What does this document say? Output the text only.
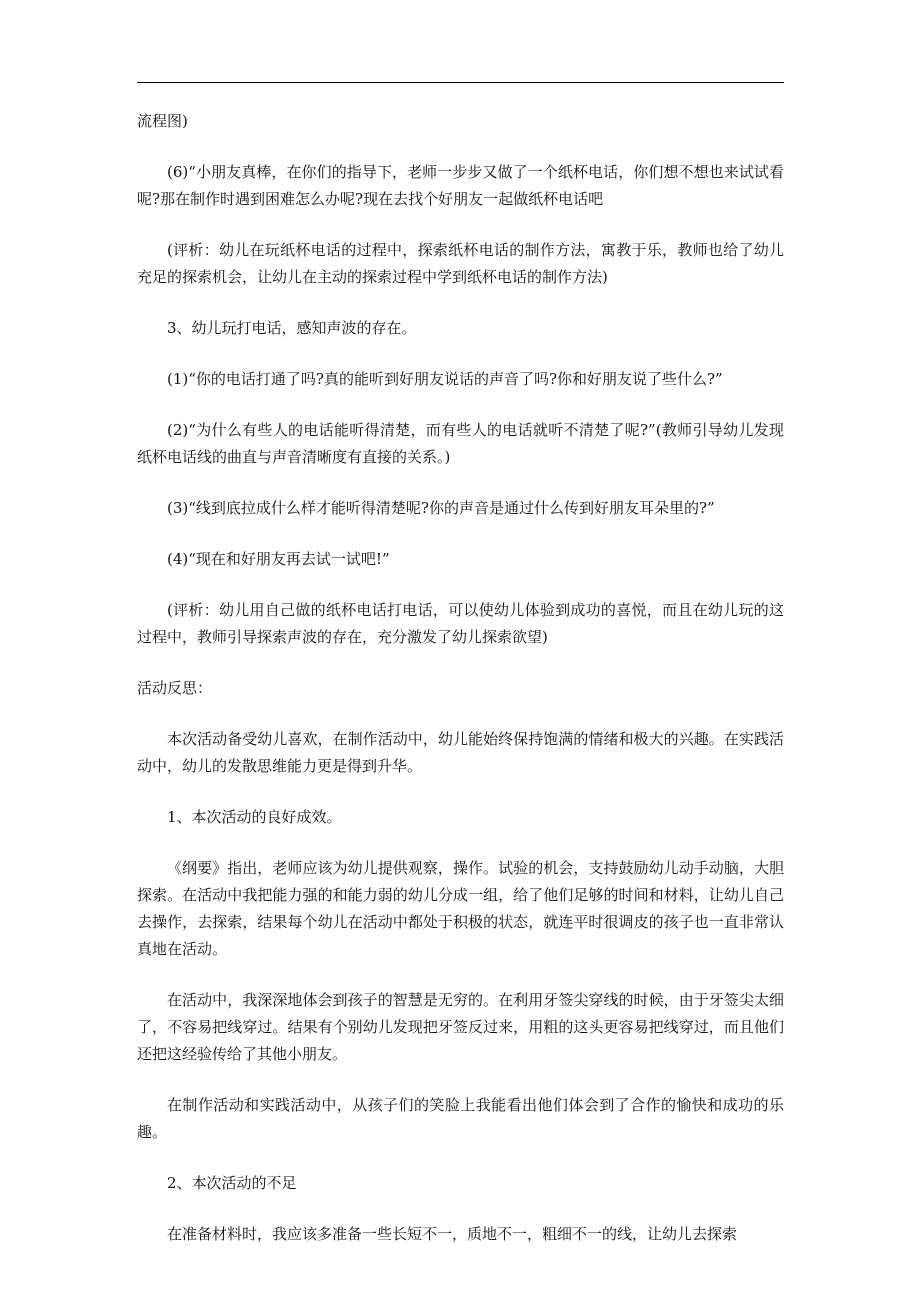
流程图)

(6)“小朋友真棒，在你们的指导下，老师一步步又做了一个纸杯电话，你们想不想也来试试看呢?那在制作时遇到困难怎么办呢?现在去找个好朋友一起做纸杯电话吧

(评析：幼儿在玩纸杯电话的过程中，探索纸杯电话的制作方法，寓教于乐，教师也给了幼儿充足的探索机会，让幼儿在主动的探索过程中学到纸杯电话的制作方法)

3、幼儿玩打电话，感知声波的存在。

(1)“你的电话打通了吗?真的能听到好朋友说话的声音了吗?你和好朋友说了些什么?”

(2)“为什么有些人的电话能听得清楚，而有些人的电话就听不清楚了呢?”(教师引导幼儿发现纸杯电话线的曲直与声音清晰度有直接的关系。)

(3)“线到底拉成什么样才能听得清楚呢?你的声音是通过什么传到好朋友耳朵里的?”

(4)“现在和好朋友再去试一试吧!”

(评析：幼儿用自己做的纸杯电话打电话，可以使幼儿体验到成功的喜悦，而且在幼儿玩的这过程中，教师引导探索声波的存在，充分激发了幼儿探索欲望)

活动反思：

本次活动备受幼儿喜欢，在制作活动中，幼儿能始终保持饱满的情绪和极大的兴趣。在实践活动中，幼儿的发散思维能力更是得到升华。

1、本次活动的良好成效。

《纲要》指出，老师应该为幼儿提供观察，操作。试验的机会，支持鼓励幼儿动手动脑，大胆探索。在活动中我把能力强的和能力弱的幼儿分成一组，给了他们足够的时间和材料，让幼儿自己去操作，去探索，结果每个幼儿在活动中都处于积极的状态，就连平时很调皮的孩子也一直非常认真地在活动。

在活动中，我深深地体会到孩子的智慧是无穷的。在利用牙签尖穿线的时候，由于牙签尖太细了，不容易把线穿过。结果有个别幼儿发现把牙签反过来，用粗的这头更容易把线穿过，而且他们还把这经验传给了其他小朋友。

在制作活动和实践活动中，从孩子们的笑脸上我能看出他们体会到了合作的愉快和成功的乐趣。

2、本次活动的不足

在准备材料时，我应该多准备一些长短不一，质地不一，粗细不一的线，让幼儿去探索
